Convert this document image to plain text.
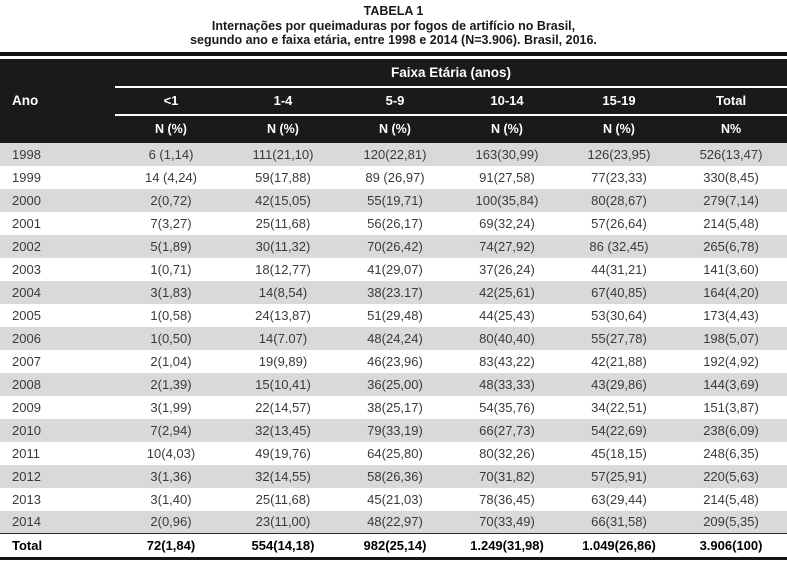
TABELA 1
Internações por queimaduras por fogos de artifício no Brasil,
segundo ano e faixa etária, entre 1998 e 2014 (N=3.906). Brasil, 2016.
Ano	Faixa Etária (anos)					
	<1	1-4	5-9	10-14	15-19	Total
	N (%)	N (%)	N (%)	N (%)	N (%)	N%
1998	6 (1,14)	111(21,10)	120(22,81)	163(30,99)	126(23,95)	526(13,47)
1999	14 (4,24)	59(17,88)	89 (26,97)	91(27,58)	77(23,33)	330(8,45)
2000	2(0,72)	42(15,05)	55(19,71)	100(35,84)	80(28,67)	279(7,14)
2001	7(3,27)	25(11,68)	56(26,17)	69(32,24)	57(26,64)	214(5,48)
2002	5(1,89)	30(11,32)	70(26,42)	74(27,92)	86 (32,45)	265(6,78)
2003	1(0,71)	18(12,77)	41(29,07)	37(26,24)	44(31,21)	141(3,60)
2004	3(1,83)	14(8,54)	38(23.17)	42(25,61)	67(40,85)	164(4,20)
2005	1(0,58)	24(13,87)	51(29,48)	44(25,43)	53(30,64)	173(4,43)
2006	1(0,50)	14(7.07)	48(24,24)	80(40,40)	55(27,78)	198(5,07)
2007	2(1,04)	19(9,89)	46(23,96)	83(43,22)	42(21,88)	192(4,92)
2008	2(1,39)	15(10,41)	36(25,00)	48(33,33)	43(29,86)	144(3,69)
2009	3(1,99)	22(14,57)	38(25,17)	54(35,76)	34(22,51)	151(3,87)
2010	7(2,94)	32(13,45)	79(33,19)	66(27,73)	54(22,69)	238(6,09)
2011	10(4,03)	49(19,76)	64(25,80)	80(32,26)	45(18,15)	248(6,35)
2012	3(1,36)	32(14,55)	58(26,36)	70(31,82)	57(25,91)	220(5,63)
2013	3(1,40)	25(11,68)	45(21,03)	78(36,45)	63(29,44)	214(5,48)
2014	2(0,96)	23(11,00)	48(22,97)	70(33,49)	66(31,58)	209(5,35)
Total	72(1,84)	554(14,18)	982(25,14)	1.249(31,98)	1.049(26,86)	3.906(100)
